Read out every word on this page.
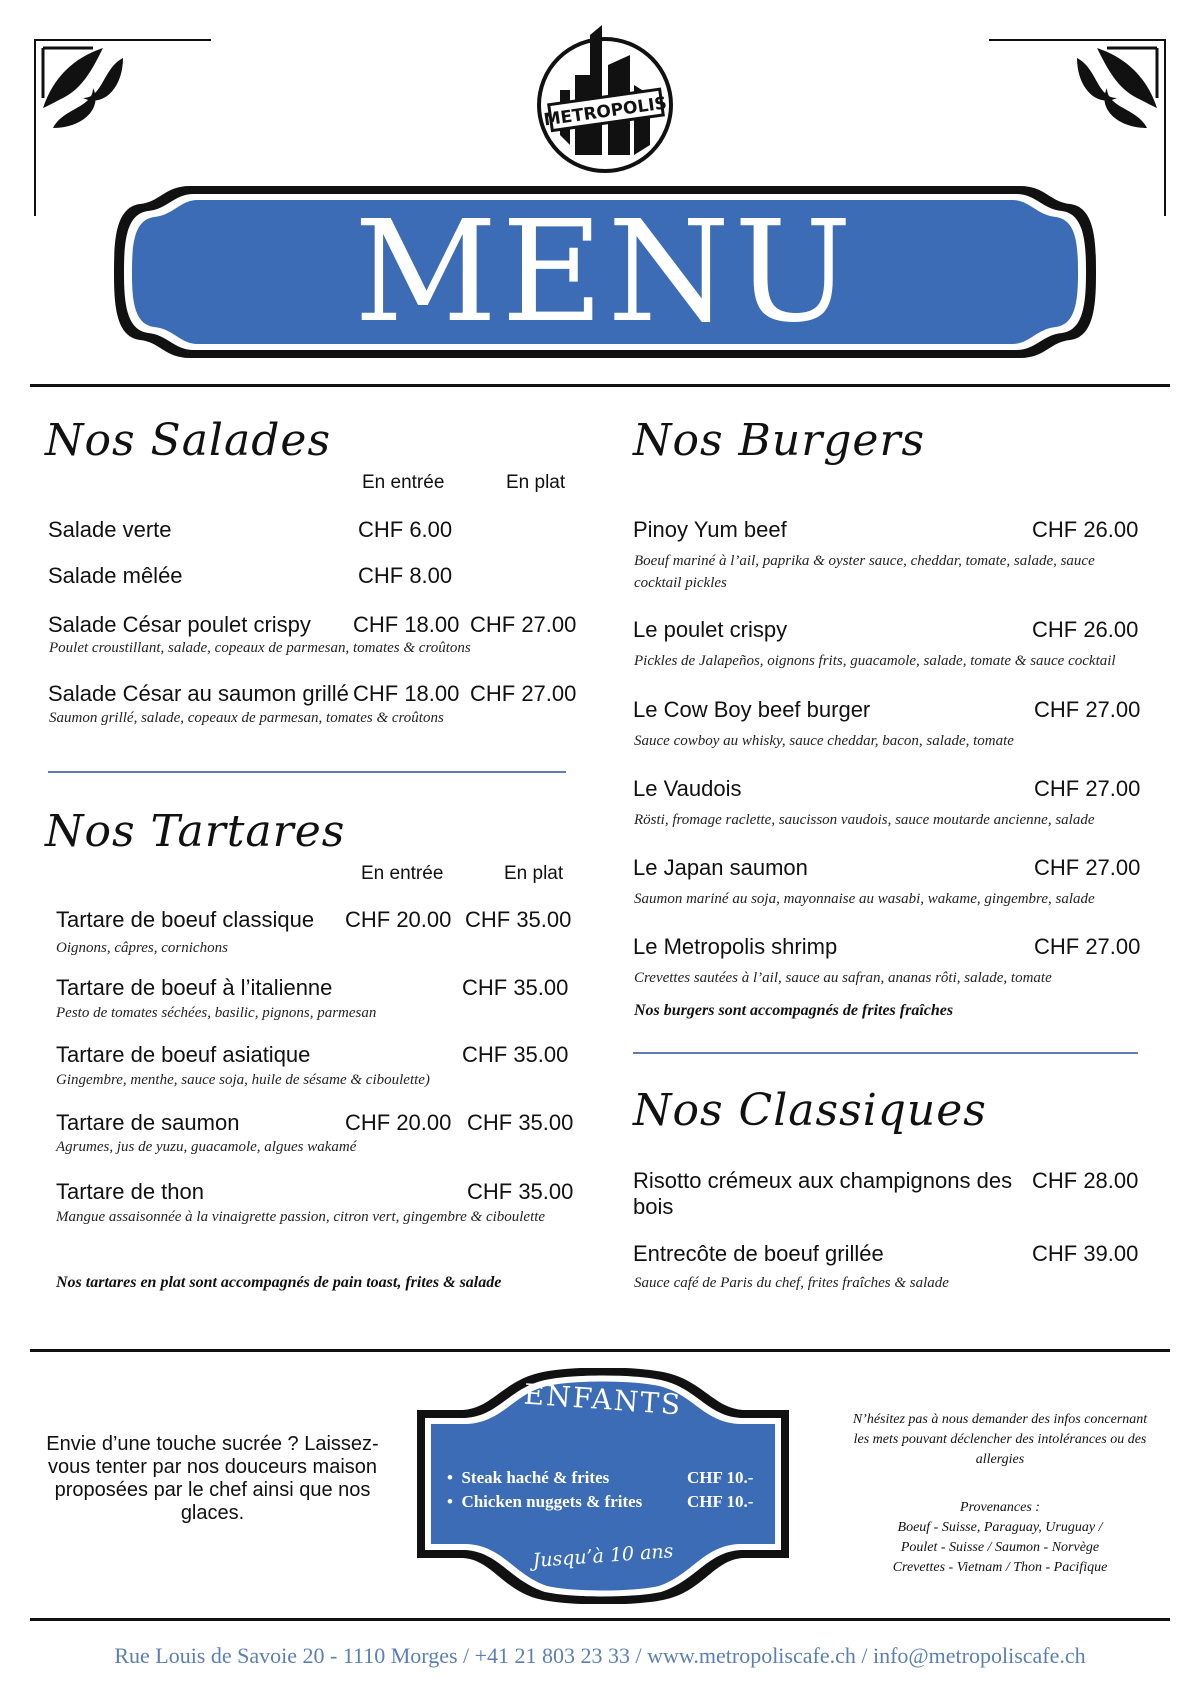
METROPOLIS
MENU
Nos Salades
En entrée	En plat
Salade verte	CHF 6.00
Salade mêlée	CHF 8.00
Salade César poulet crispy CHF 18.00 CHF 27.00
Poulet croustillant, salade, copeaux de parmesan, tomates & croûtons
Salade César au saumon grillé CHF 18.00 CHF 27.00
Saumon grillé, salade, copeaux de parmesan, tomates & croûtons
Nos Tartares
En entrée	En plat
Tartare de boeuf classique CHF 20.00 CHF 35.00
Oignons, câpres, cornichons
Tartare de boeuf à l’italienne	CHF 35.00
Pesto de tomates séchées, basilic, pignons, parmesan
Tartare de boeuf asiatique	CHF 35.00
Gingembre, menthe, sauce soja, huile de sésame & ciboulette)
Tartare de saumon	CHF 20.00 CHF 35.00
Agrumes, jus de yuzu, guacamole, algues wakamé
Tartare de thon	CHF 35.00
Mangue assaisonnée à la vinaigrette passion, citron vert, gingembre & ciboulette
Nos tartares en plat sont accompagnés de pain toast, frites & salade
Nos Burgers
Pinoy Yum beef	CHF 26.00
Boeuf mariné à l’ail, paprika & oyster sauce, cheddar, tomate, salade, sauce cocktail pickles
Le poulet crispy	CHF 26.00
Pickles de Jalapeños, oignons frits, guacamole, salade, tomate & sauce cocktail
Le Cow Boy beef burger	CHF 27.00
Sauce cowboy au whisky, sauce cheddar, bacon, salade, tomate
Le Vaudois	CHF 27.00
Rösti, fromage raclette, saucisson vaudois, sauce moutarde ancienne, salade
Le Japan saumon	CHF 27.00
Saumon mariné au soja, mayonnaise au wasabi, wakame, gingembre, salade
Le Metropolis shrimp	CHF 27.00
Crevettes sautées à l’ail, sauce au safran, ananas rôti, salade, tomate
Nos burgers sont accompagnés de frites fraîches
Nos Classiques
Risotto crémeux aux champignons des bois
CHF 28.00
Entrecôte de boeuf grillée	CHF 39.00
Sauce café de Paris du chef, frites fraîches & salade
Envie d’une touche sucrée ? Laissez-vous tenter par nos douceurs maison proposées par le chef ainsi que nos glaces.
ENFANTS
•  Steak haché & frites	CHF 10.-
•  Chicken nuggets & frites	CHF 10.-
Jusqu’à 10 ans
N’hésitez pas à nous demander des infos concernant les mets pouvant déclencher des intolérances ou des allergies
Provenances :
Boeuf - Suisse, Paraguay, Uruguay /
Poulet - Suisse / Saumon - Norvège
Crevettes - Vietnam / Thon - Pacifique
Rue Louis de Savoie 20 - 1110 Morges / +41 21 803 23 33 / www.metropoliscafe.ch / info@metropoliscafe.ch
